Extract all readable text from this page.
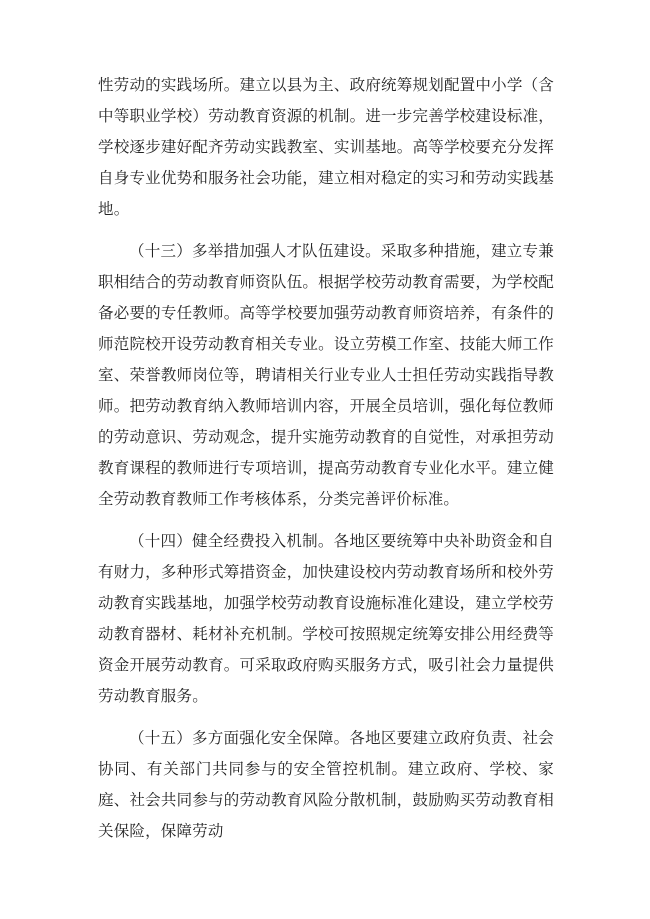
性劳动的实践场所。建立以县为主、政府统筹规划配置中小学（含中等职业学校）劳动教育资源的机制。进一步完善学校建设标准，学校逐步建好配齐劳动实践教室、实训基地。高等学校要充分发挥自身专业优势和服务社会功能，建立相对稳定的实习和劳动实践基地。

（十三）多举措加强人才队伍建设。采取多种措施，建立专兼职相结合的劳动教育师资队伍。根据学校劳动教育需要，为学校配备必要的专任教师。高等学校要加强劳动教育师资培养，有条件的师范院校开设劳动教育相关专业。设立劳模工作室、技能大师工作室、荣誉教师岗位等，聘请相关行业专业人士担任劳动实践指导教师。把劳动教育纳入教师培训内容，开展全员培训，强化每位教师的劳动意识、劳动观念，提升实施劳动教育的自觉性，对承担劳动教育课程的教师进行专项培训，提高劳动教育专业化水平。建立健全劳动教育教师工作考核体系，分类完善评价标准。

（十四）健全经费投入机制。各地区要统筹中央补助资金和自有财力，多种形式筹措资金，加快建设校内劳动教育场所和校外劳动教育实践基地，加强学校劳动教育设施标准化建设，建立学校劳动教育器材、耗材补充机制。学校可按照规定统筹安排公用经费等资金开展劳动教育。可采取政府购买服务方式，吸引社会力量提供劳动教育服务。

（十五）多方面强化安全保障。各地区要建立政府负责、社会协同、有关部门共同参与的安全管控机制。建立政府、学校、家庭、社会共同参与的劳动教育风险分散机制，鼓励购买劳动教育相关保险，保障劳动
